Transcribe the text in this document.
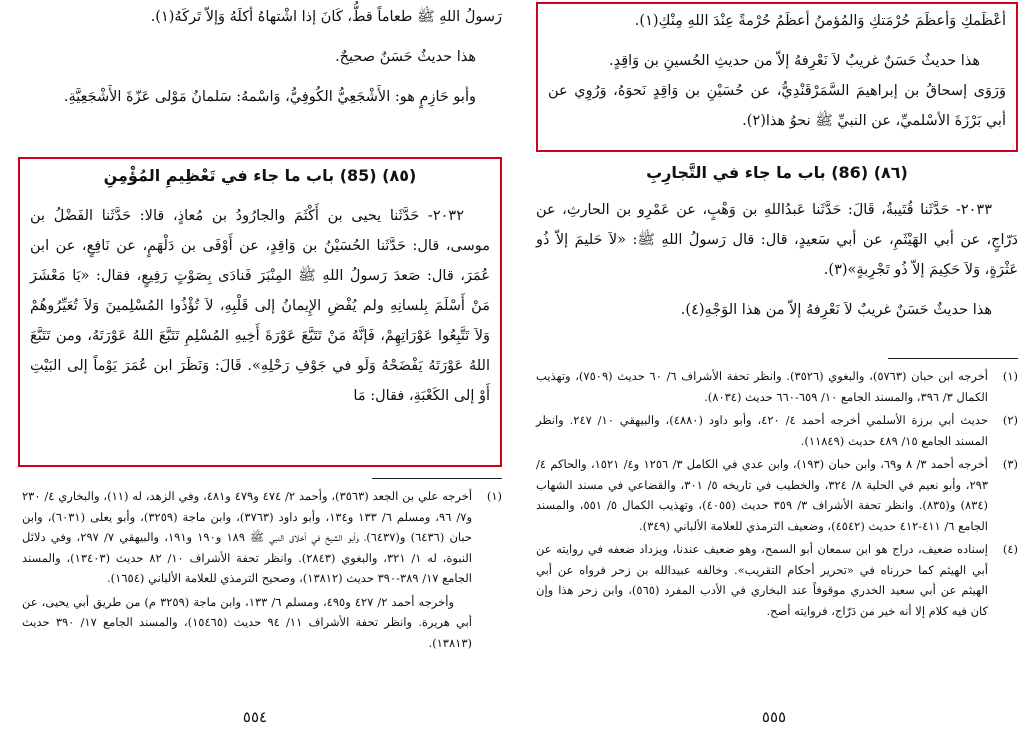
رَسولُ اللهِ ﷺ طعاماً قطُّ، كَانَ إذا اشْتهاهُ أكلَهُ وَإلاّ تَركَهُ(١).

هذا حديثٌ حَسَنٌ صحيحٌ.

وأبو حَازِمٍ هو: الأَشْجَعِيُّ الكُوفِيُّ، وَاسْمهُ: سَلمانُ مَوْلى عَزّةَ الأَشْجَعِيَّةِ.

(٨٥) (85) باب ما جاء في تَعْظِيمِ المُؤْمِنِ

٢٠٣٢- حَدَّثَنا يحيى بن أَكْثَمَ والجارُودُ بن مُعاذٍ، قالا: حَدَّثَنا الفَضْلُ بن موسى، قال: حَدَّثَنا الحُسَيْنُ بن وَاقِدٍ، عن أَوْفَى بن دَلْهَمٍ، عن نَافِعٍ، عن ابن عُمَرَ، قال: صَعدَ رَسولُ اللهِ ﷺ المِنْبَرَ فَنادَى بِصَوْتٍ رَفِيعٍ، فقال: «يَا مَعْشَرَ مَنْ أَسْلَمَ بِلسانِهِ ولم يُفْضِ الإِيمانُ إلى قَلْبِهِ، لاَ تُؤْذُوا المُسْلِمينَ وَلاَ تُعَيِّرُوهُمْ وَلاَ تَتَّبِعُوا عَوْرَاتِهِمْ، فَإنَّهُ مَنْ تَتَبَّعَ عَوْرَةَ أَخِيهِ المُسْلِمِ تَتَبَّعَ اللهُ عَوْرَتَهُ، ومن تَتَبَّعَ اللهُ عَوْرَتَهُ يَفْضَحْهُ وَلَو في جَوْفِ رَحْلِهِ». قَالَ: وَنَظَرَ ابن عُمَرَ يَوْماً إلى البَيْتِ أَوْ إلى الكَعْبَةِ، فقال: مَا

(١)
أخرجه علي بن الجعد (٣٥٦٣)، وأحمد ٢/ ٤٧٤ و٤٧٩ و٤٨١، وفي الزهد، له (١١)، والبخاري ٤/ ٢٣٠ و٧/ ٩٦، ومسلم ٦/ ١٣٣ و١٣٤، وأبو داود (٣٧٦٣)، وابن ماجة (٣٢٥٩)، وأبو يعلى (٦٠٣١)، وابن حبان (٦٤٣٦) و(٦٤٣٧)، وأبو الشيخ في أخلاق النبي ﷺ ١٨٩ و١٩٠ و١٩١، والبيهقي ٧/ ٢٩٧، وفي دلائل النبوة، له ١/ ٣٢١، والبغوي (٢٨٤٣). وانظر تحفة الأشراف ١٠/ ٨٢ حديث (١٣٤٠٣)، والمسند الجامع ١٧/ ٣٨٩-٣٩٠ حديث (١٣٨١٢)، وصحيح الترمذي للعلامة الألباني (١٦٥٤).
وأخرجه أحمد ٢/ ٤٢٧ و٤٩٥، ومسلم ٦/ ١٣٣، وابن ماجة (٣٢٥٩ م) من طريق أبي يحيى، عن أبي هريرة. وانظر تحفة الأشراف ١١/ ٩٤ حديث (١٥٤٦٥)، والمسند الجامع ١٧/ ٣٩٠ حديث (١٣٨١٣).
٥٥٤

أعْظَمكِ وَأعظَمَ حُرْمَتكِ وَالمُؤمنُ أعظَمُ حُرْمةً عِنْدَ اللهِ مِنْكِ(١).

هذا حديثٌ حَسَنٌ غريبٌ لاَ نَعْرِفهُ إلاّ من حديثِ الحُسينِ بن وَاقِدٍ.

وَرَوَى إسحاقُ بن إبراهيمَ السَّمَرْقَنْدِيُّ، عن حُسَيْنِ بن وَاقِدٍ نَحوَهُ، وَرُوِي عن أبي بَرْزَةَ الأسْلميِّ، عن النبيِّ ﷺ نحوُ هذا(٢).

(٨٦) (86) باب ما جاء في التَّجارِبِ

٢٠٣٣- حَدَّثَنا قُتَيبةُ، قَالَ: حَدَّثَنا عَبدُاللهِ بن وَهْبٍ، عن عَمْرِو بن الحارثِ، عن دَرّاجٍ، عن أبي الهَيْثَمِ، عن أبي سَعيدٍ، قال: قال رَسولُ اللهِ ﷺ: «لاَ حَليمَ إلاّ ذُو عَثْرَةٍ، وَلاَ حَكِيمَ إلاّ ذُو تَجْرِبةٍ»(٣).

هذا حديثٌ حَسَنٌ غريبٌ لاَ نَعْرِفهُ إلاّ من هذا الوَجْهِ(٤).

(١)
أخرجه ابن حبان (٥٧٦٣)، والبغوي (٣٥٢٦). وانظر تحفة الأشراف ٦/ ٦٠ حديث (٧٥٠٩)، وتهذيب الكمال ٣/ ٣٩٦، والمسند الجامع ١٠/ ٦٥٩-٦٦٠ حديث (٨٠٣٤).
(٢)
حديث أبي برزة الأسلمي أخرجه أحمد ٤/ ٤٢٠، وأبو داود (٤٨٨٠)، والبيهقي ١٠/ ٢٤٧. وانظر المسند الجامع ١٥/ ٤٨٩ حديث (١١٨٤٩).
(٣)
أخرجه أحمد ٣/ ٨ و٦٩، وابن حبان (١٩٣)، وابن عدي في الكامل ٣/ ١٢٥٦ و٤/ ١٥٢١، والحاكم ٤/ ٢٩٣، وأبو نعيم في الحلية ٨/ ٣٢٤، والخطيب في تاريخه ٥/ ٣٠١، والقضاعي في مسند الشهاب (٨٣٤) و(٨٣٥). وانظر تحفة الأشراف ٣/ ٣٥٩ حديث (٤٠٥٥)، وتهذيب الكمال ٥/ ٥٥١، والمسند الجامع ٦/ ٤١١-٤١٢ حديث (٤٥٤٢)، وضعيف الترمذي للعلامة الألباني (٣٤٩).
(٤)
إسناده ضعيف، دراج هو ابن سمعان أبو السمح، وهو ضعيف عندنا، ويزداد ضعفه في روايته عن أبي الهيثم كما حررناه في «تحرير أحكام التقريب». وخالفه عبيدالله بن زحر فرواه عن أبي الهيثم عن أبي سعيد الخدري موقوفاً عند البخاري في الأدب المفرد (٥٦٥)، وابن زحر هذا وإن كان فيه كلام إلا أنه خير من دَرّاج، فروايته أصح.
٥٥٥
